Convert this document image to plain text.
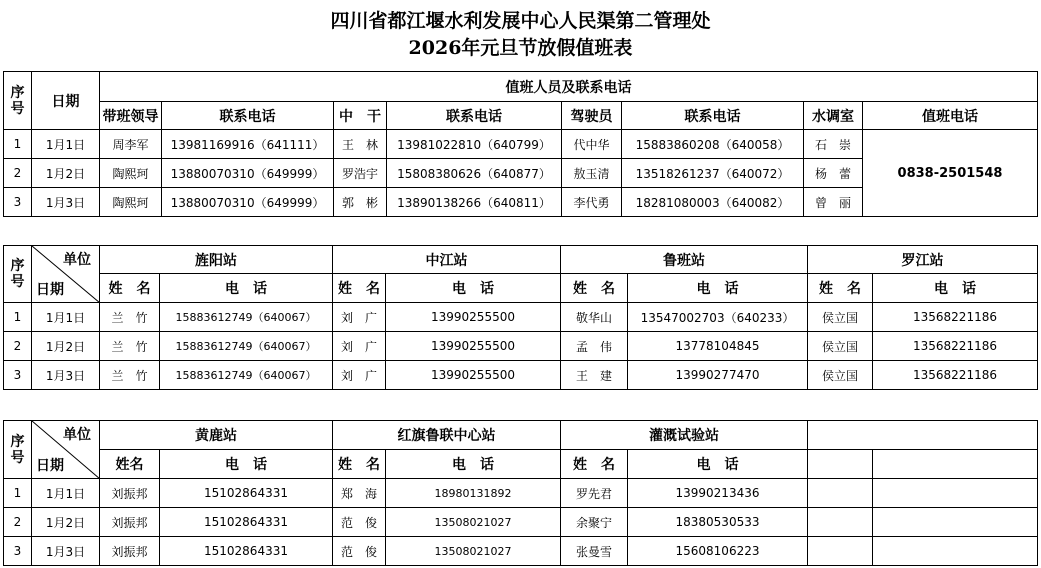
四川省都江堰水利发展中心人民渠第二管理处
2026年元旦节放假值班表
序号	日期	值班人员及联系电话							
		带班领导	联系电话	中　干	联系电话	驾驶员	联系电话	水调室	值班电话
1	1月1日	周李军	13981169916（641111）	王　林	13981022810（640799）	代中华	15883860208（640058）	石　崇	0838-2501548
2	1月2日	陶熙珂	13880070310（649999）	罗浩宇	15808380626（640877）	敖玉清	13518261237（640072）	杨　蕾	
3	1月3日	陶熙珂	13880070310（649999）	郭　彬	13890138266（640811）	李代勇	18281080003（640082）	曾　丽	
序号	单位
日期	旌阳站		中江站		鲁班站		罗江站	
		姓　名	电　话	姓　名	电　话	姓　名	电　话	姓　名	电　话
1	1月1日	兰　竹	15883612749（640067）	刘　广	13990255500	敬华山	13547002703（640233）	侯立国	13568221186
2	1月2日	兰　竹	15883612749（640067）	刘　广	13990255500	孟　伟	13778104845	侯立国	13568221186
3	1月3日	兰　竹	15883612749（640067）	刘　广	13990255500	王　建	13990277470	侯立国	13568221186
序号	单位
日期	黄鹿站		红旗鲁联中心站		灌溉试验站			
		姓名	电　话	姓　名	电　话	姓　名	电　话		
1	1月1日	刘振邦	15102864331	郑　海	18980131892	罗先君	13990213436		
2	1月2日	刘振邦	15102864331	范　俊	13508021027	余聚宁	18380530533		
3	1月3日	刘振邦	15102864331	范　俊	13508021027	张曼雪	15608106223		
